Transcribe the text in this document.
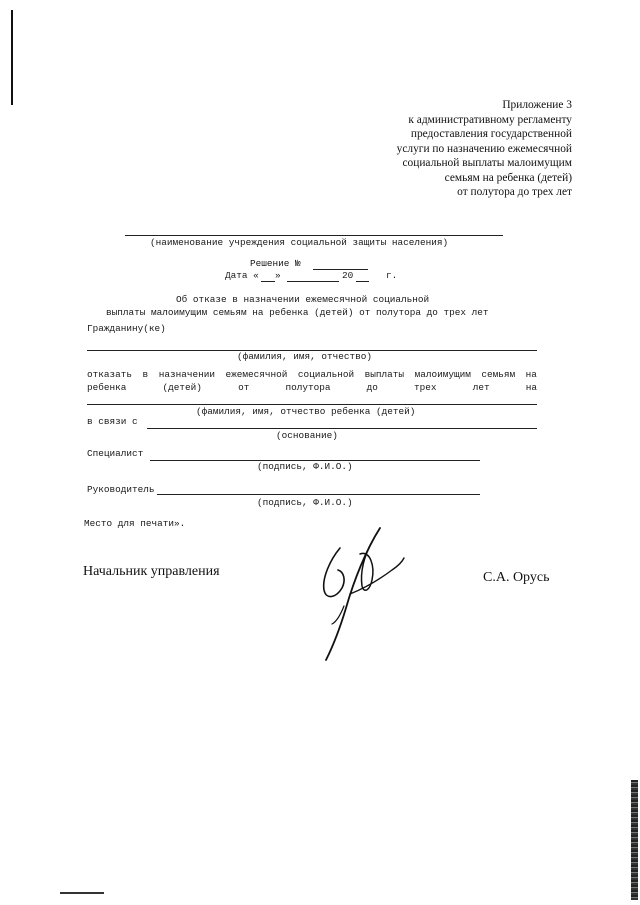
Приложение 3
к административному регламенту
предоставления государственной
услуги по назначению ежемесячной
социальной выплаты малоимущим
семьям на ребенка (детей)
от полутора до трех лет
(наименование учреждения социальной защиты населения)
Решение №
Дата « »	20	г.
Об отказе в назначении ежемесячной социальной
выплаты малоимущим семьям на ребенка (детей) от полутора до трех лет
Гражданину(ке)
(фамилия, имя, отчество)
отказать в назначении ежемесячной социальной выплаты малоимущим семьям на
ребенка	(детей)	от	полутора	до	трех	лет	на
(фамилия, имя, отчество ребенка (детей)
в связи с
(основание)
Специалист
(подпись, Ф.И.О.)
Руководитель
(подпись, Ф.И.О.)
Место для печати».
Начальник управления	С.А. Орусь
